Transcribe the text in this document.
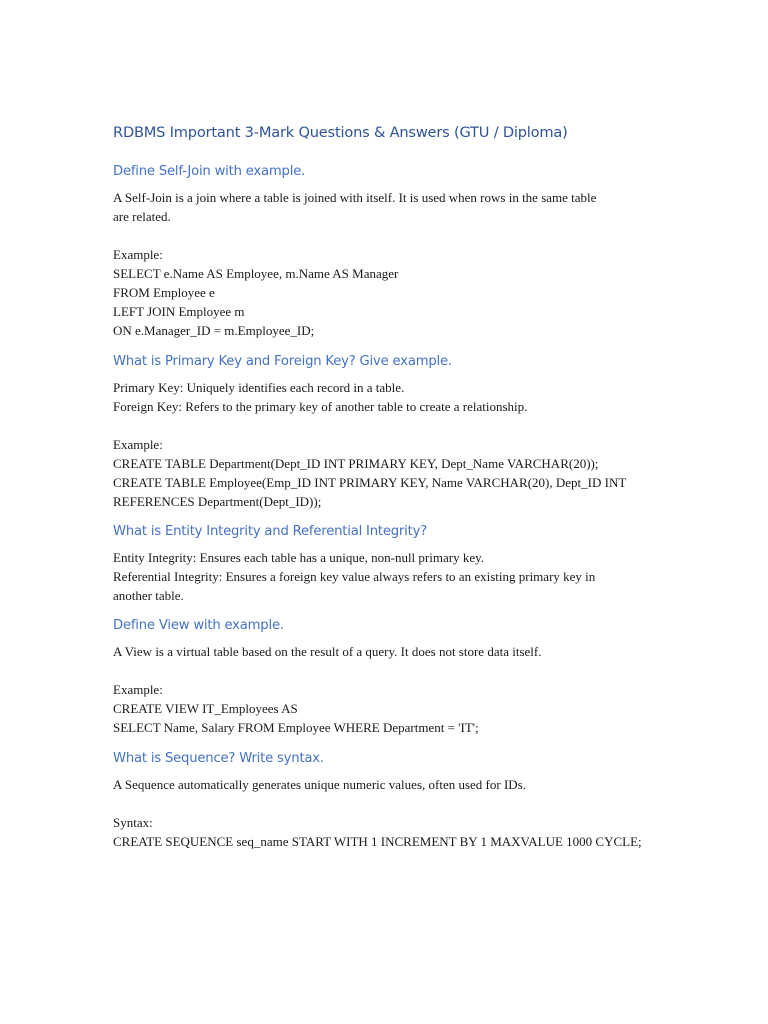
RDBMS Important 3-Mark Questions & Answers (GTU / Diploma)
Define Self-Join with example.

A Self-Join is a join where a table is joined with itself. It is used when rows in the same table
are related.
Example:
SELECT e.Name AS Employee, m.Name AS Manager
FROM Employee e
LEFT JOIN Employee m
ON e.Manager_ID = m.Employee_ID;

What is Primary Key and Foreign Key? Give example.

Primary Key: Uniquely identifies each record in a table.
Foreign Key: Refers to the primary key of another table to create a relationship.
Example:
CREATE TABLE Department(Dept_ID INT PRIMARY KEY, Dept_Name VARCHAR(20));
CREATE TABLE Employee(Emp_ID INT PRIMARY KEY, Name VARCHAR(20), Dept_ID INT
REFERENCES Department(Dept_ID));

What is Entity Integrity and Referential Integrity?

Entity Integrity: Ensures each table has a unique, non-null primary key.
Referential Integrity: Ensures a foreign key value always refers to an existing primary key in
another table.

Define View with example.

A View is a virtual table based on the result of a query. It does not store data itself.
Example:
CREATE VIEW IT_Employees AS
SELECT Name, Salary FROM Employee WHERE Department = 'IT';

What is Sequence? Write syntax.

A Sequence automatically generates unique numeric values, often used for IDs.
Syntax:
CREATE SEQUENCE seq_name START WITH 1 INCREMENT BY 1 MAXVALUE 1000 CYCLE;
